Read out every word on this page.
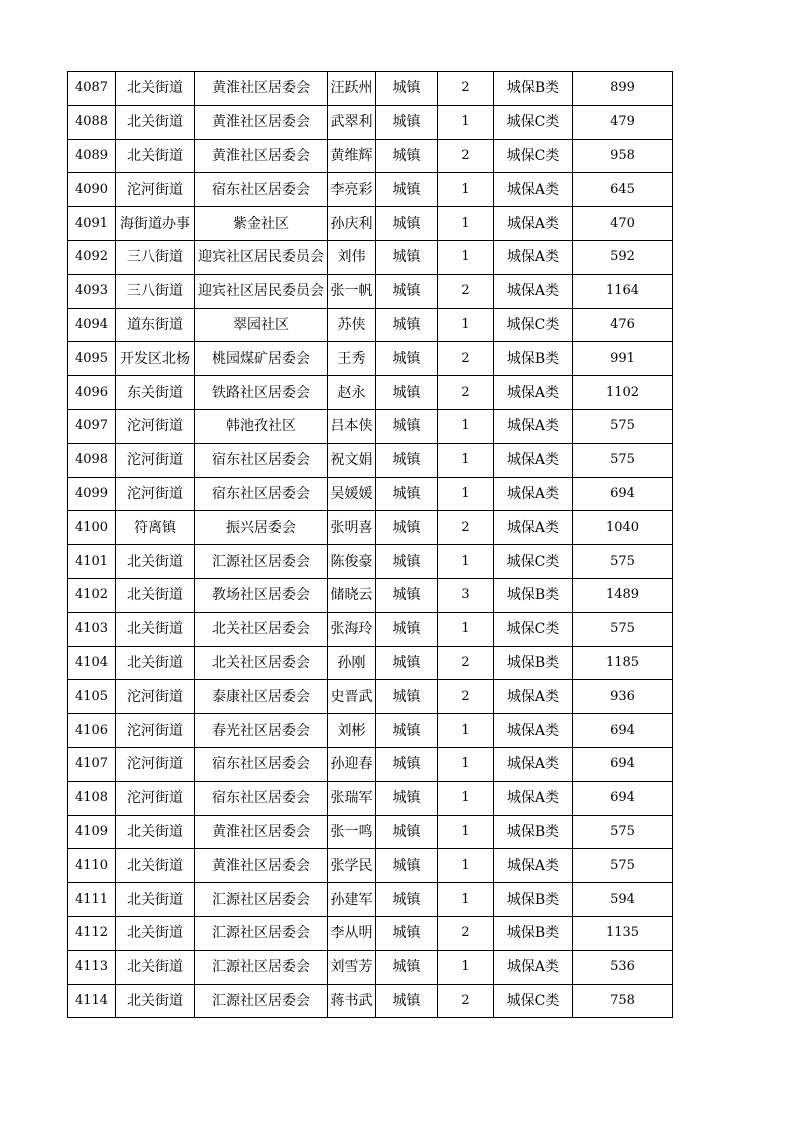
4087	北关街道	黄淮社区居委会	汪跃州	城镇	2	城保B类	899
4088	北关街道	黄淮社区居委会	武翠利	城镇	1	城保C类	479
4089	北关街道	黄淮社区居委会	黄维辉	城镇	2	城保C类	958
4090	沱河街道	宿东社区居委会	李亮彩	城镇	1	城保A类	645
4091	海街道办事	紫金社区	孙庆利	城镇	1	城保A类	470
4092	三八街道	迎宾社区居民委员会	刘伟	城镇	1	城保A类	592
4093	三八街道	迎宾社区居民委员会	张一帆	城镇	2	城保A类	1164
4094	道东街道	翠园社区	苏侠	城镇	1	城保C类	476
4095	开发区北杨	桃园煤矿居委会	王秀	城镇	2	城保B类	991
4096	东关街道	铁路社区居委会	赵永	城镇	2	城保A类	1102
4097	沱河街道	韩池孜社区	吕本侠	城镇	1	城保A类	575
4098	沱河街道	宿东社区居委会	祝文娟	城镇	1	城保A类	575
4099	沱河街道	宿东社区居委会	吴媛媛	城镇	1	城保A类	694
4100	符离镇	振兴居委会	张明喜	城镇	2	城保A类	1040
4101	北关街道	汇源社区居委会	陈俊豪	城镇	1	城保C类	575
4102	北关街道	教场社区居委会	储晓云	城镇	3	城保B类	1489
4103	北关街道	北关社区居委会	张海玲	城镇	1	城保C类	575
4104	北关街道	北关社区居委会	孙刚	城镇	2	城保B类	1185
4105	沱河街道	泰康社区居委会	史晋武	城镇	2	城保A类	936
4106	沱河街道	春光社区居委会	刘彬	城镇	1	城保A类	694
4107	沱河街道	宿东社区居委会	孙迎春	城镇	1	城保A类	694
4108	沱河街道	宿东社区居委会	张瑞军	城镇	1	城保A类	694
4109	北关街道	黄淮社区居委会	张一鸣	城镇	1	城保B类	575
4110	北关街道	黄淮社区居委会	张学民	城镇	1	城保A类	575
4111	北关街道	汇源社区居委会	孙建军	城镇	1	城保B类	594
4112	北关街道	汇源社区居委会	李从明	城镇	2	城保B类	1135
4113	北关街道	汇源社区居委会	刘雪芳	城镇	1	城保A类	536
4114	北关街道	汇源社区居委会	蒋书武	城镇	2	城保C类	758
